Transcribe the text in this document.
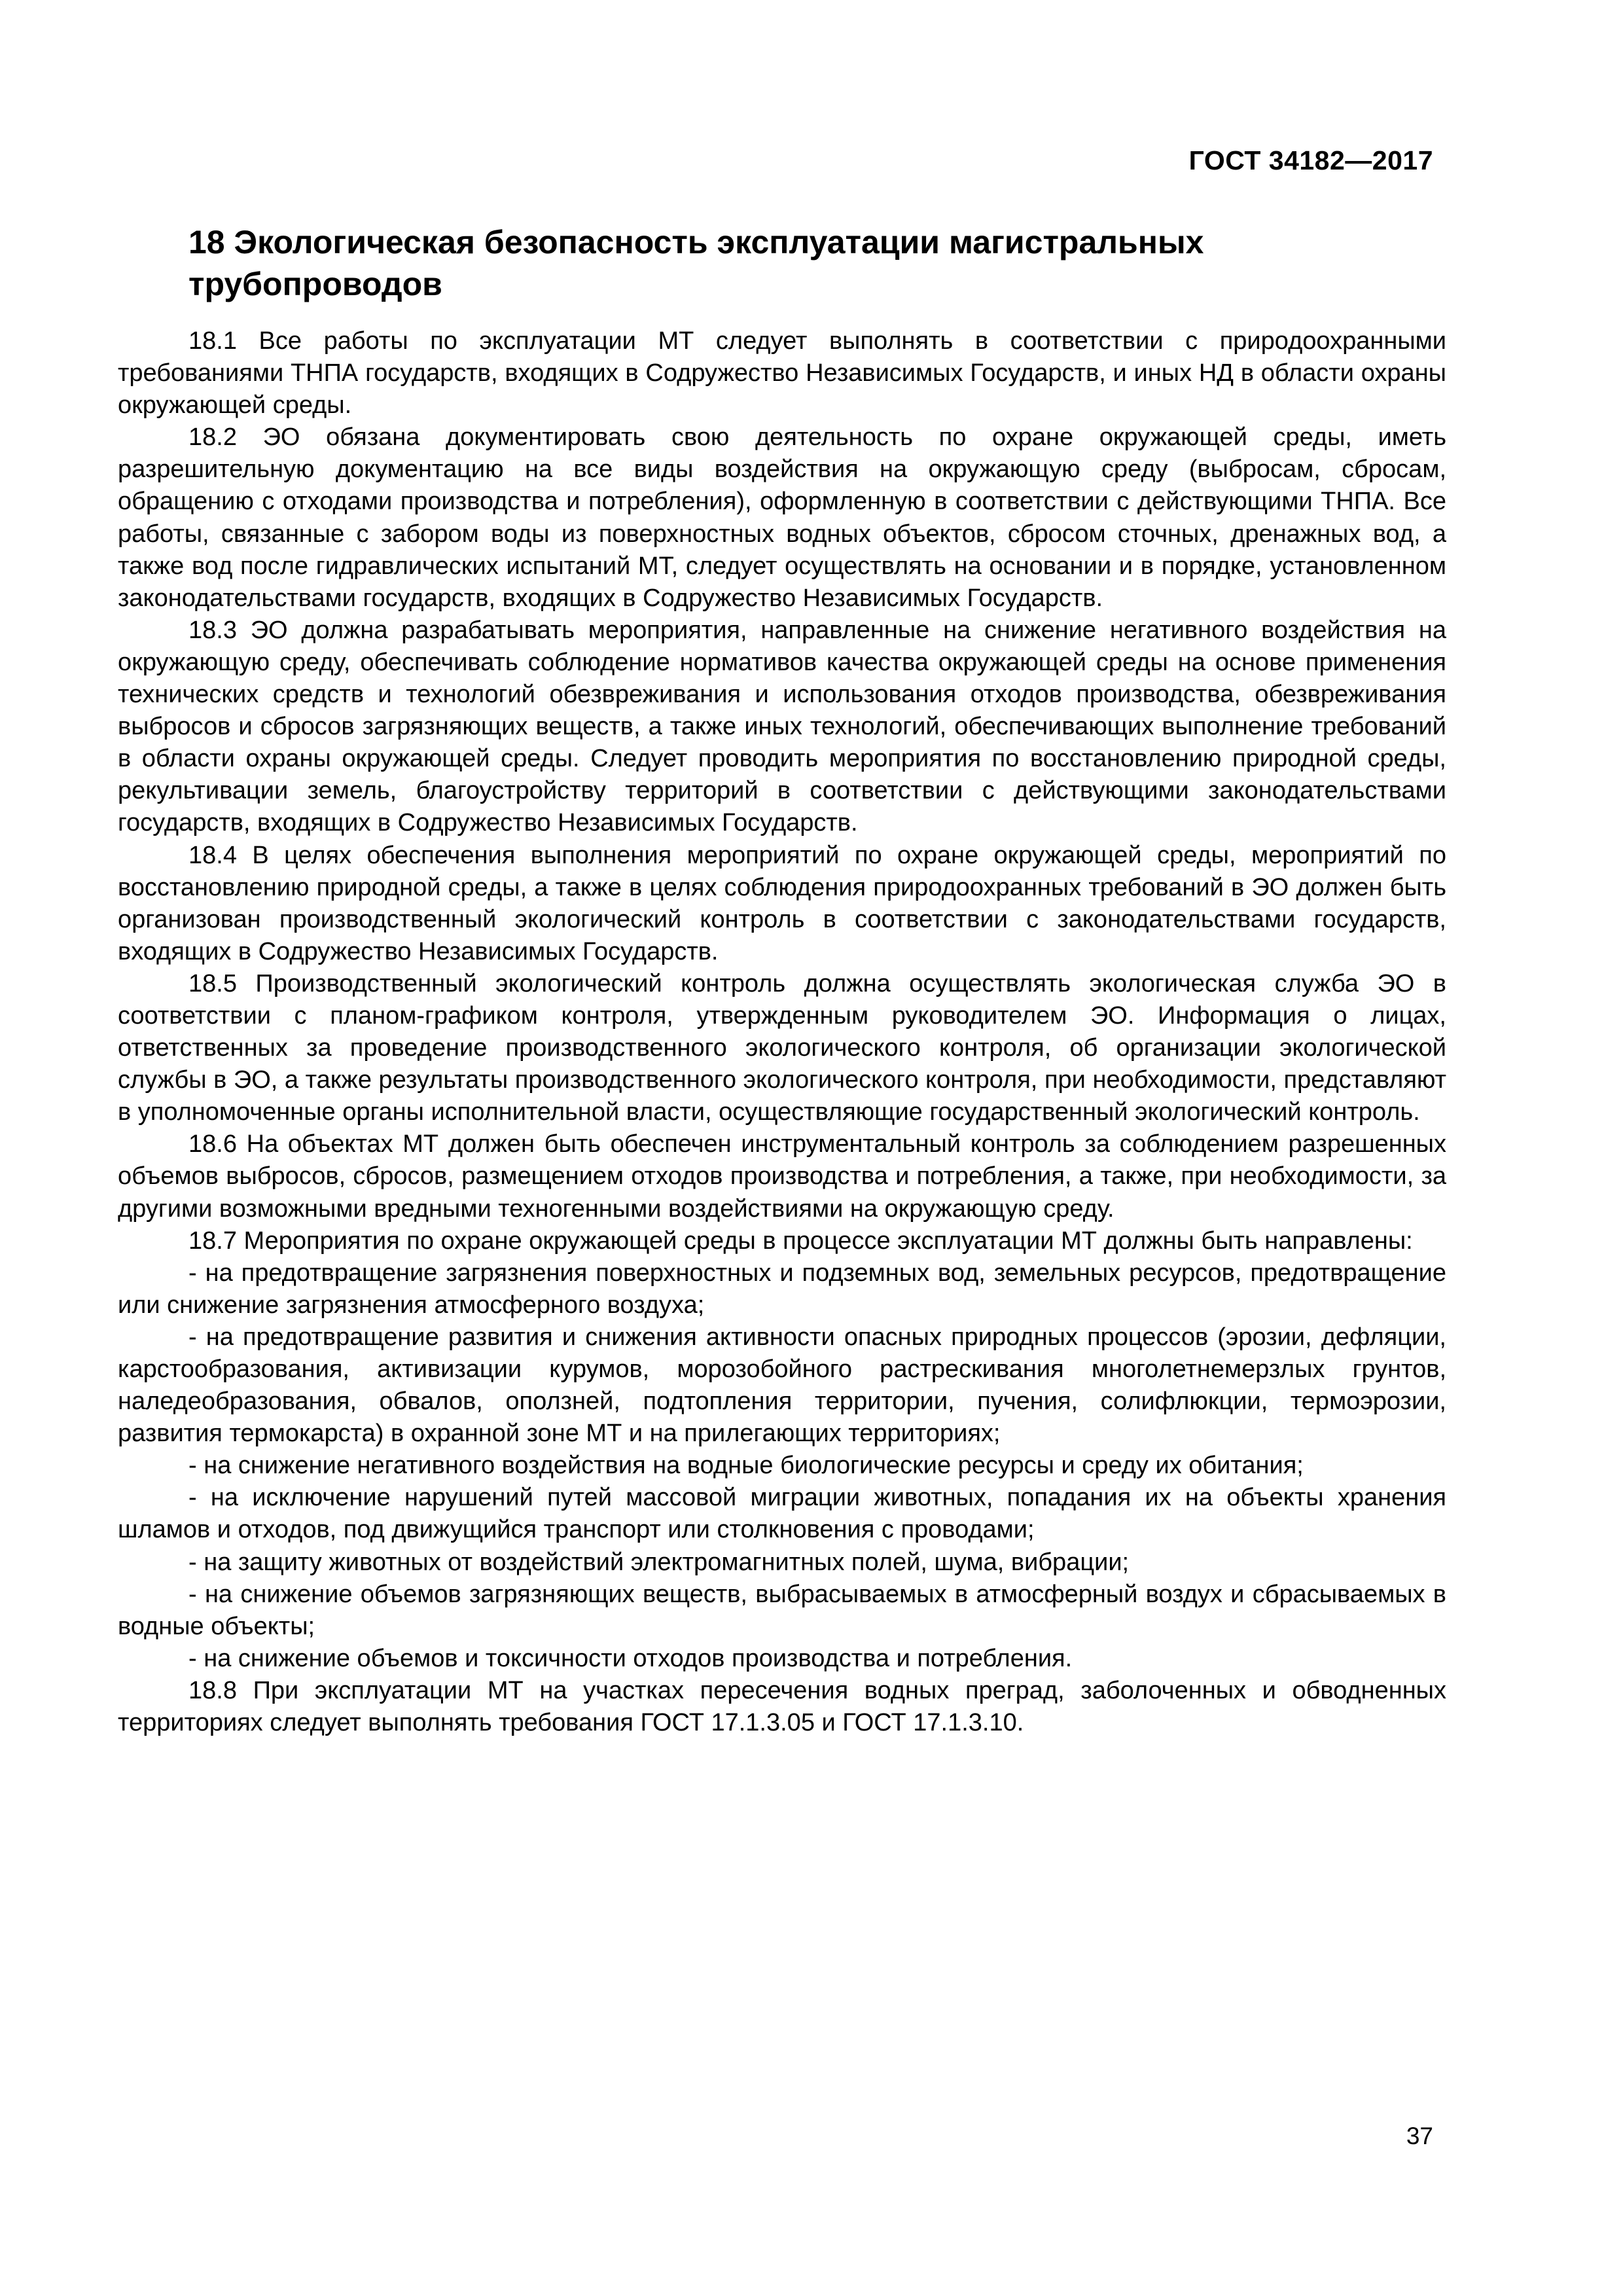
ГОСТ 34182—2017
18 Экологическая безопасность эксплуатации магистральных трубопроводов

18.1 Все работы по эксплуатации МТ следует выполнять в соответствии с природоохранными требованиями ТНПА государств, входящих в Содружество Независимых Государств, и иных НД в области охраны окружающей среды.

18.2 ЭО обязана документировать свою деятельность по охране окружающей среды, иметь разрешительную документацию на все виды воздействия на окружающую среду (выбросам, сбросам, обращению с отходами производства и потребления), оформленную в соответствии с действующими ТНПА. Все работы, связанные с забором воды из поверхностных водных объектов, сбросом сточных, дренажных вод, а также вод после гидравлических испытаний МТ, следует осуществлять на основании и в порядке, установленном законодательствами государств, входящих в Содружество Независимых Государств.

18.3 ЭО должна разрабатывать мероприятия, направленные на снижение негативного воздействия на окружающую среду, обеспечивать соблюдение нормативов качества окружающей среды на основе применения технических средств и технологий обезвреживания и использования отходов производства, обезвреживания выбросов и сбросов загрязняющих веществ, а также иных технологий, обеспечивающих выполнение требований в области охраны окружающей среды. Следует проводить мероприятия по восстановлению природной среды, рекультивации земель, благоустройству территорий в соответствии с действующими законодательствами государств, входящих в Содружество Независимых Государств.

18.4 В целях обеспечения выполнения мероприятий по охране окружающей среды, мероприятий по восстановлению природной среды, а также в целях соблюдения природоохранных требований в ЭО должен быть организован производственный экологический контроль в соответствии с законодательствами государств, входящих в Содружество Независимых Государств.

18.5 Производственный экологический контроль должна осуществлять экологическая служба ЭО в соответствии с планом-графиком контроля, утвержденным руководителем ЭО. Информация о лицах, ответственных за проведение производственного экологического контроля, об организации экологической службы в ЭО, а также результаты производственного экологического контроля, при необходимости, представляют в уполномоченные органы исполнительной власти, осуществляющие государственный экологический контроль.

18.6 На объектах МТ должен быть обеспечен инструментальный контроль за соблюдением разрешенных объемов выбросов, сбросов, размещением отходов производства и потребления, а также, при необходимости, за другими возможными вредными техногенными воздействиями на окружающую среду.

18.7 Мероприятия по охране окружающей среды в процессе эксплуатации МТ должны быть направлены:

- на предотвращение загрязнения поверхностных и подземных вод, земельных ресурсов, предотвращение или снижение загрязнения атмосферного воздуха;

- на предотвращение развития и снижения активности опасных природных процессов (эрозии, дефляции, карстообразования, активизации курумов, морозобойного растрескивания многолетнемерзлых грунтов, наледеобразования, обвалов, оползней, подтопления территории, пучения, солифлюкции, термоэрозии, развития термокарста) в охранной зоне МТ и на прилегающих территориях;

- на снижение негативного воздействия на водные биологические ресурсы и среду их обитания;

- на исключение нарушений путей массовой миграции животных, попадания их на объекты хранения шламов и отходов, под движущийся транспорт или столкновения с проводами;

- на защиту животных от воздействий электромагнитных полей, шума, вибрации;

- на снижение объемов загрязняющих веществ, выбрасываемых в атмосферный воздух и сбрасываемых в водные объекты;

- на снижение объемов и токсичности отходов производства и потребления.

18.8 При эксплуатации МТ на участках пересечения водных преград, заболоченных и обводненных территориях следует выполнять требования ГОСТ 17.1.3.05 и ГОСТ 17.1.3.10.

37
